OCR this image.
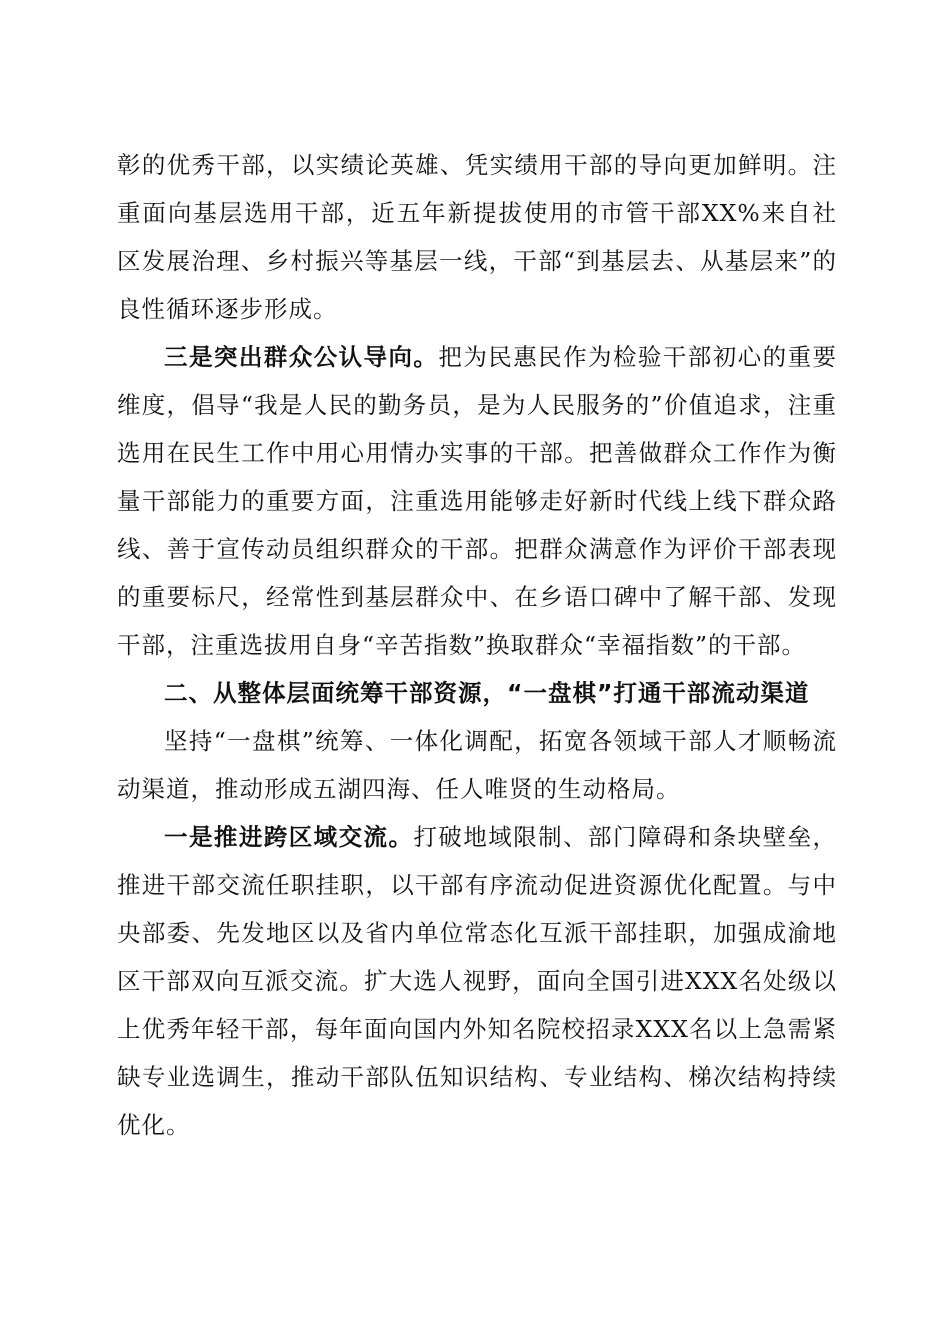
彰的优秀干部，以实绩论英雄、凭实绩用干部的导向更加鲜明。注重面向基层选用干部，近五年新提拔使用的市管干部XX%来自社区发展治理、乡村振兴等基层一线，干部“到基层去、从基层来”的良性循环逐步形成。

三是突出群众公认导向。把为民惠民作为检验干部初心的重要维度，倡导“我是人民的勤务员，是为人民服务的”价值追求，注重选用在民生工作中用心用情办实事的干部。把善做群众工作作为衡量干部能力的重要方面，注重选用能够走好新时代线上线下群众路线、善于宣传动员组织群众的干部。把群众满意作为评价干部表现的重要标尺，经常性到基层群众中、在乡语口碑中了解干部、发现干部，注重选拔用自身“辛苦指数”换取群众“幸福指数”的干部。

二、从整体层面统筹干部资源，“一盘棋”打通干部流动渠道

坚持“一盘棋”统筹、一体化调配，拓宽各领域干部人才顺畅流动渠道，推动形成五湖四海、任人唯贤的生动格局。

一是推进跨区域交流。打破地域限制、部门障碍和条块壁垒，推进干部交流任职挂职，以干部有序流动促进资源优化配置。与中央部委、先发地区以及省内单位常态化互派干部挂职，加强成渝地区干部双向互派交流。扩大选人视野，面向全国引进XXX名处级以上优秀年轻干部，每年面向国内外知名院校招录XXX名以上急需紧缺专业选调生，推动干部队伍知识结构、专业结构、梯次结构持续优化。
